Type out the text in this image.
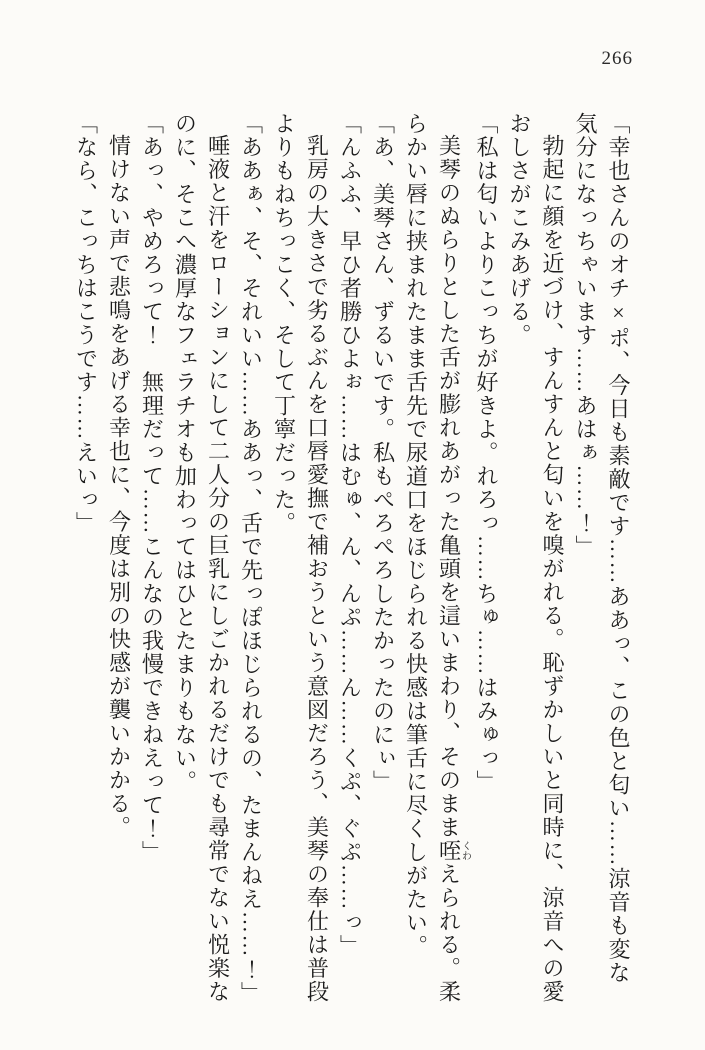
266

「幸也さんのオチ×ポ、今日も素敵です……ああっ、この色と匂い……涼音も変な気分になっちゃいます……あはぁ……！」

勃起に顔を近づけ、すんすんと匂いを嗅がれる。恥ずかしいと同時に、涼音への愛おしさがこみあげる。

「私は匂いよりこっちが好きよ。れろっ……ちゅ……はみゅっ」

美琴のぬらりとした舌が膨れあがった亀頭を這いまわり、そのまま咥くわえられる。柔らかい唇に挟まれたまま舌先で尿道口をほじられる快感は筆舌に尽くしがたい。

「あ、美琴さん、ずるいです。私もぺろぺろしたかったのにぃ」

「んふふ、早ひ者勝ひよぉ……はむゅ、ん、んぷ……ん……くぷ、ぐぷ……っ」

乳房の大きさで劣るぶんを口唇愛撫で補おうという意図だろう、美琴の奉仕は普段よりもねちっこく、そして丁寧だった。

「ああぁ、そ、それいい……ああっ、舌で先っぽほじられるの、たまんねえ……！」

唾液と汗をローションにして二人分の巨乳にしごかれるだけでも尋常でない悦楽なのに、そこへ濃厚なフェラチオも加わってはひとたまりもない。

「あっ、やめろって！　無理だって……こんなの我慢できねえって！」

情けない声で悲鳴をあげる幸也に、今度は別の快感が襲いかかる。

「なら、こっちはこうです……えいっ」
